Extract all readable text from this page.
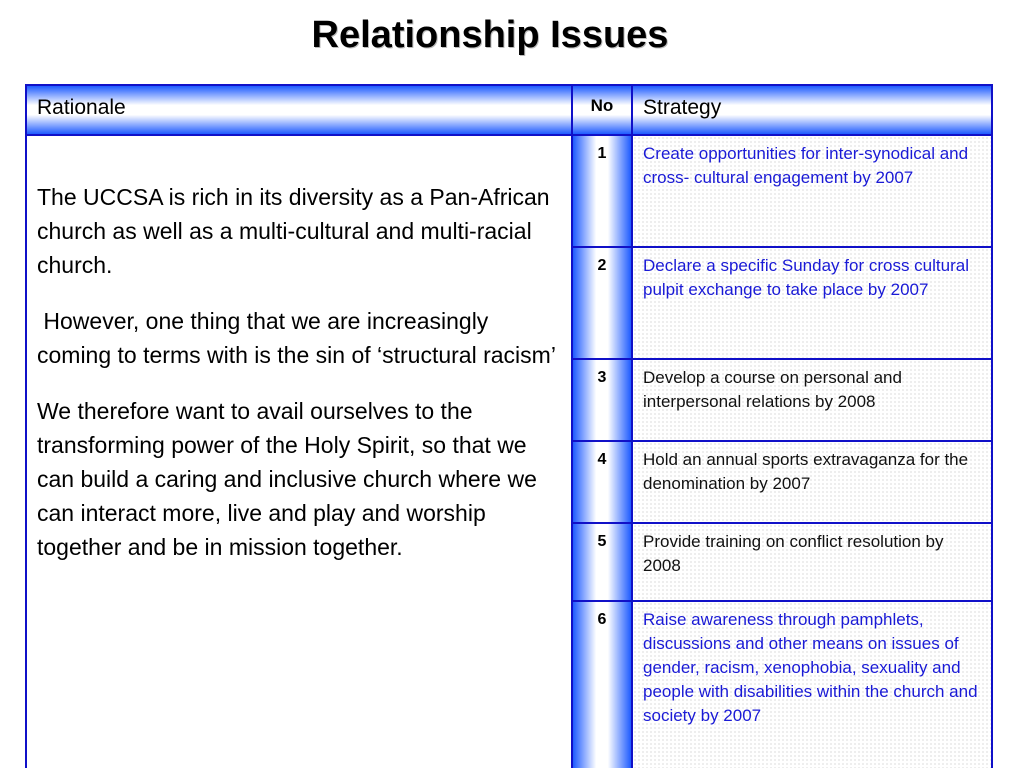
Relationship Issues
Rationale	No	Strategy

The UCCSA is rich in its diversity as a Pan-African church as well as a multi-cultural and multi-racial church.

However, one thing that we are increasingly coming to terms with is the sin of ‘structural racism’

We therefore want to avail ourselves to the transforming power of the Holy Spirit, so that we can build a caring and inclusive church where we can interact more, live and play and worship together and be in mission together.	1	Create opportunities for inter-synodical and cross- cultural engagement by 2007

	2	Declare a specific Sunday for cross cultural pulpit exchange to take place by 2007

	3	Develop a course on personal and interpersonal relations by 2008

	4	Hold an annual sports extravaganza for the denomination by 2007

	5	Provide training on conflict resolution by 2008

	6	Raise awareness through pamphlets, discussions and other means on issues of gender, racism, xenophobia, sexuality and people with disabilities within the church and society by 2007
